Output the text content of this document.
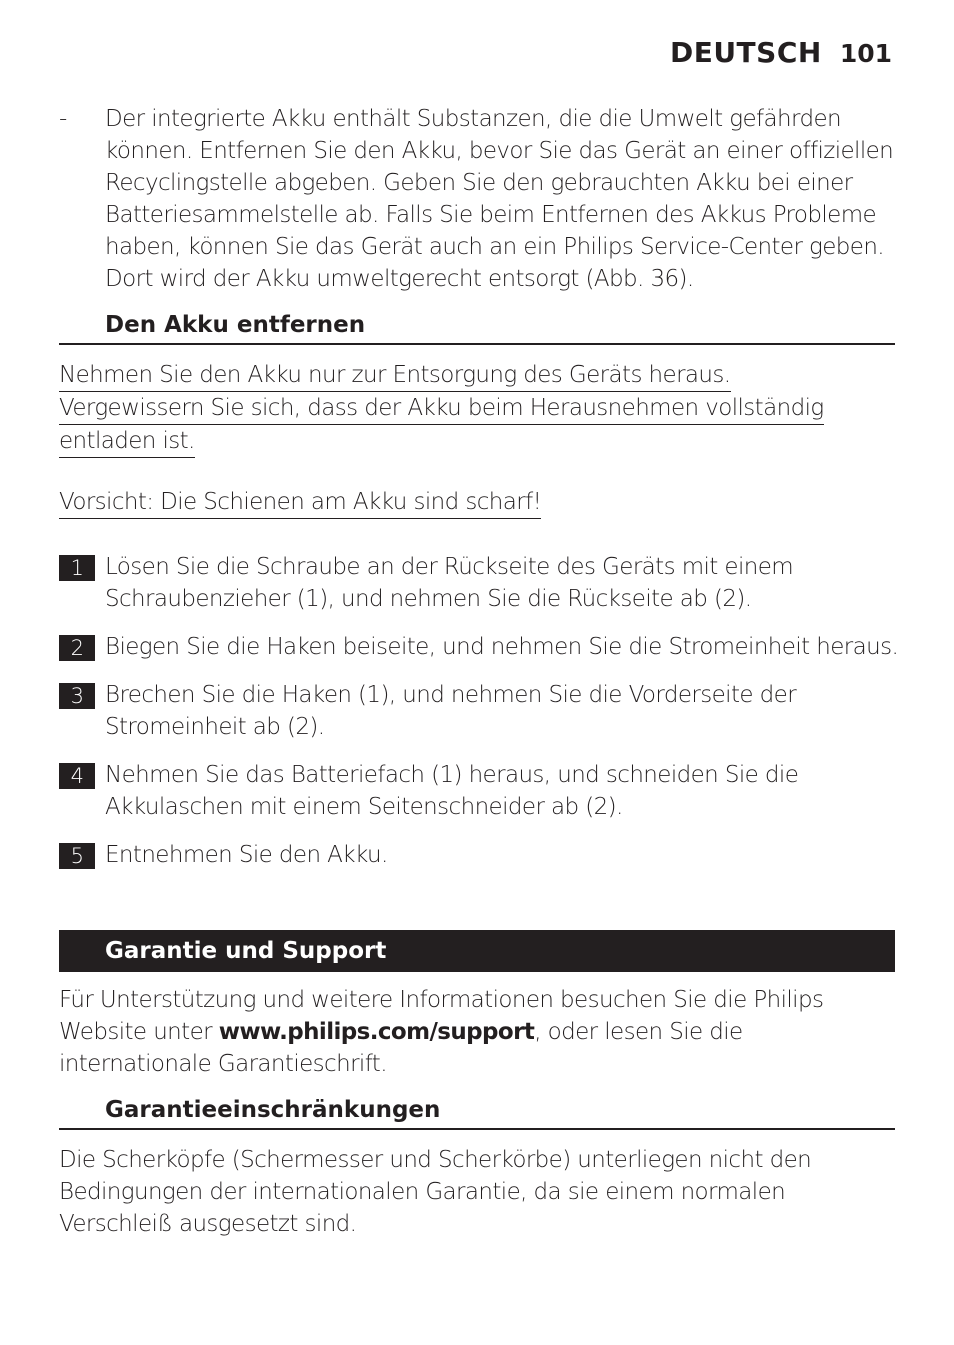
DEUTSCH 101
- Der integrierte Akku enthält Substanzen, die die Umwelt gefährden können. Entfernen Sie den Akku, bevor Sie das Gerät an einer offiziellen Recyclingstelle abgeben. Geben Sie den gebrauchten Akku bei einer Batteriesammelstelle ab. Falls Sie beim Entfernen des Akkus Probleme haben, können Sie das Gerät auch an ein Philips Service-Center geben. Dort wird der Akku umweltgerecht entsorgt (Abb. 36).
Den Akku entfernen
Nehmen Sie den Akku nur zur Entsorgung des Geräts heraus.
Vergewissern Sie sich, dass der Akku beim Herausnehmen vollständig
entladen ist.
Vorsicht: Die Schienen am Akku sind scharf!
1 Lösen Sie die Schraube an der Rückseite des Geräts mit einem Schraubenzieher (1), und nehmen Sie die Rückseite ab (2).
2 Biegen Sie die Haken beiseite, und nehmen Sie die Stromeinheit heraus.
3 Brechen Sie die Haken (1), und nehmen Sie die Vorderseite der Stromeinheit ab (2).
4 Nehmen Sie das Batteriefach (1) heraus, und schneiden Sie die Akkulaschen mit einem Seitenschneider ab (2).
5 Entnehmen Sie den Akku.
Garantie und Support
Für Unterstützung und weitere Informationen besuchen Sie die Philips Website unter www.philips.com/support, oder lesen Sie die internationale Garantieschrift.
Garantieeinschränkungen
Die Scherköpfe (Schermesser und Scherkörbe) unterliegen nicht den Bedingungen der internationalen Garantie, da sie einem normalen Verschleiß ausgesetzt sind.
